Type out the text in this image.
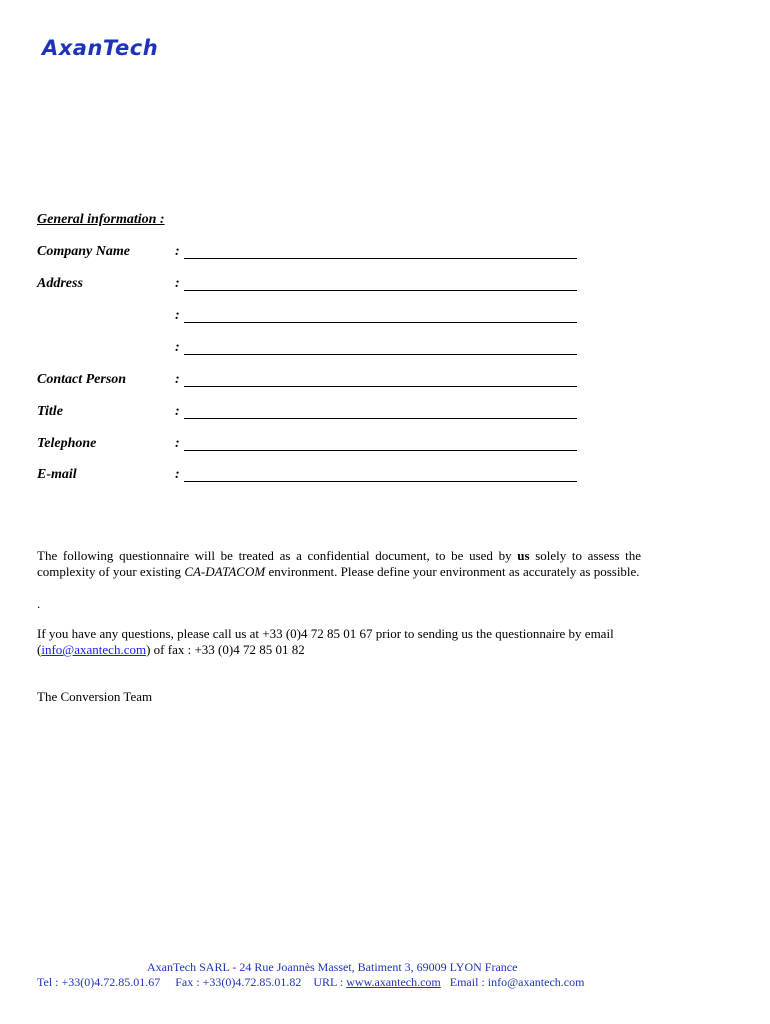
AxanTech
General information :
Company Name	:
Address	:
:
:
Contact Person	:
Title	:
Telephone	:
E-mail	:
The following questionnaire will be treated as a confidential document, to be used by us solely to assess the complexity of your existing CA-DATACOM environment. Please define your environment as accurately as possible.
.
If you have any questions, please call us at +33 (0)4 72 85 01 67 prior to sending us the questionnaire by email (info@axantech.com) of fax : +33 (0)4 72 85 01 82
The Conversion Team
AxanTech SARL - 24 Rue Joannès Masset, Batiment 3, 69009 LYON France
Tel : +33(0)4.72.85.01.67 Fax : +33(0)4.72.85.01.82 URL : www.axantech.com Email : info@axantech.com
